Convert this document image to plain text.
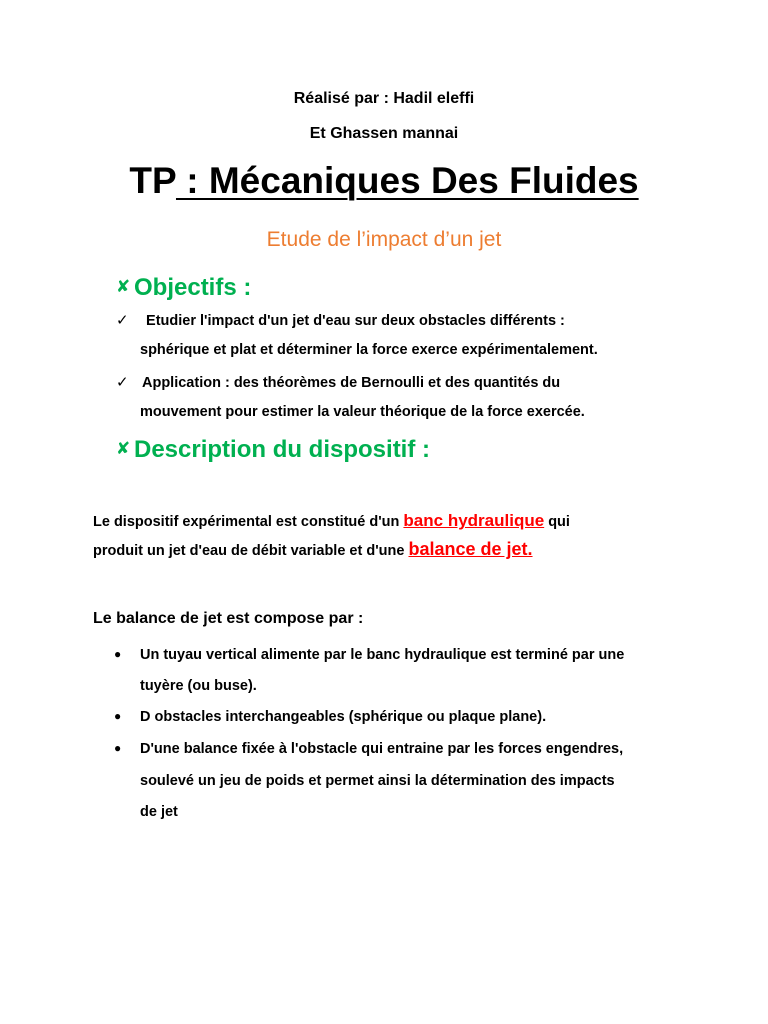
Réalisé par : Hadil eleffi
Et Ghassen mannai
TP : Mécaniques Des Fluides
Etude de l’impact d’un jet
✘ Objectifs :
✓ Etudier l'impact d'un jet d'eau sur deux obstacles différents :
sphérique et plat et déterminer la force exerce expérimentalement.
✓ Application : des théorèmes de Bernoulli et des quantités du
mouvement pour estimer la valeur théorique de la force exercée.
✘ Description du dispositif :
Le dispositif expérimental est constitué d'un banc hydraulique qui
produit un jet d'eau de débit variable et d'une balance de jet.
Le balance de jet est compose par :
● Un tuyau vertical alimente par le banc hydraulique est terminé par une
tuyère (ou buse).
● D obstacles interchangeables (sphérique ou plaque plane).
● D'une balance fixée à l'obstacle qui entraine par les forces engendres,
soulevé un jeu de poids et permet ainsi la détermination des impacts
de jet
